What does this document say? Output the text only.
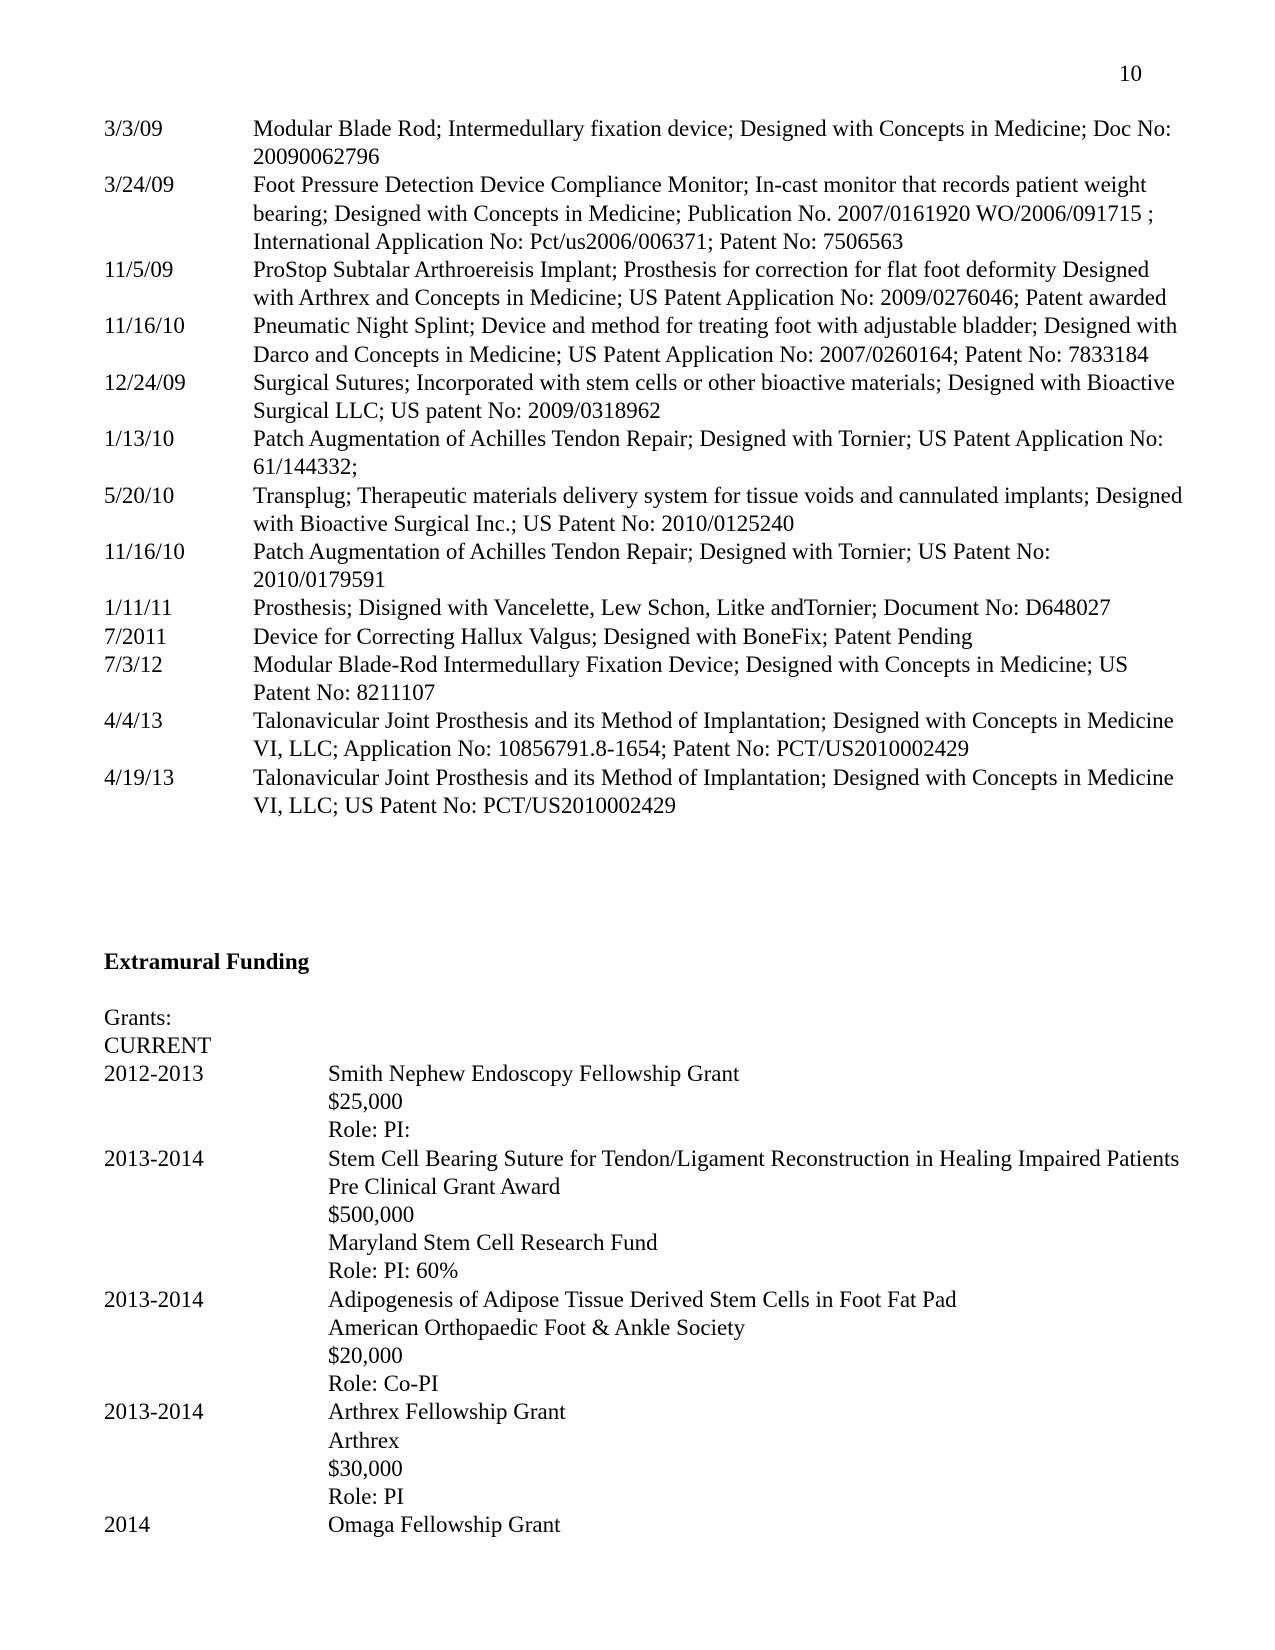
10
3/3/09	Modular Blade Rod; Intermedullary fixation device; Designed with Concepts in Medicine; Doc No: 20090062796
3/24/09	Foot Pressure Detection Device Compliance Monitor; In-cast monitor that records patient weight bearing; Designed with Concepts in Medicine; Publication No. 2007/0161920 WO/2006/091715 ; International Application No: Pct/us2006/006371; Patent No: 7506563
11/5/09	ProStop Subtalar Arthroereisis Implant; Prosthesis for correction for flat foot deformity Designed with Arthrex and Concepts in Medicine; US Patent Application No: 2009/0276046; Patent awarded
11/16/10	Pneumatic Night Splint; Device and method for treating foot with adjustable bladder; Designed with Darco and Concepts in Medicine; US Patent Application No: 2007/0260164; Patent No: 7833184
12/24/09	Surgical Sutures; Incorporated with stem cells or other bioactive materials; Designed with Bioactive Surgical LLC; US patent No: 2009/0318962
1/13/10	Patch Augmentation of Achilles Tendon Repair; Designed with Tornier; US Patent Application No: 61/144332;
5/20/10	Transplug; Therapeutic materials delivery system for tissue voids and cannulated implants; Designed with Bioactive Surgical Inc.; US Patent No: 2010/0125240
11/16/10	Patch Augmentation of Achilles Tendon Repair; Designed with Tornier; US Patent No: 2010/0179591
1/11/11	Prosthesis; Disigned with Vancelette, Lew Schon, Litke andTornier; Document No: D648027
7/2011	Device for Correcting Hallux Valgus; Designed with BoneFix; Patent Pending
7/3/12	Modular Blade-Rod Intermedullary Fixation Device; Designed with Concepts in Medicine; US Patent No: 8211107
4/4/13	Talonavicular Joint Prosthesis and its Method of Implantation; Designed with Concepts in Medicine VI, LLC; Application No: 10856791.8-1654; Patent No: PCT/US2010002429
4/19/13	Talonavicular Joint Prosthesis and its Method of Implantation; Designed with Concepts in Medicine VI, LLC; US Patent No: PCT/US2010002429
Extramural Funding
Grants:
CURRENT
2012-2013	Smith Nephew Endoscopy Fellowship Grant
$25,000
Role: PI:
2013-2014	Stem Cell Bearing Suture for Tendon/Ligament Reconstruction in Healing Impaired Patients Pre Clinical Grant Award
$500,000
Maryland Stem Cell Research Fund
Role: PI: 60%
2013-2014	Adipogenesis of Adipose Tissue Derived Stem Cells in Foot Fat Pad
American Orthopaedic Foot & Ankle Society
$20,000
Role: Co-PI
2013-2014	Arthrex Fellowship Grant
Arthrex
$30,000
Role: PI
2014	Omaga Fellowship Grant
